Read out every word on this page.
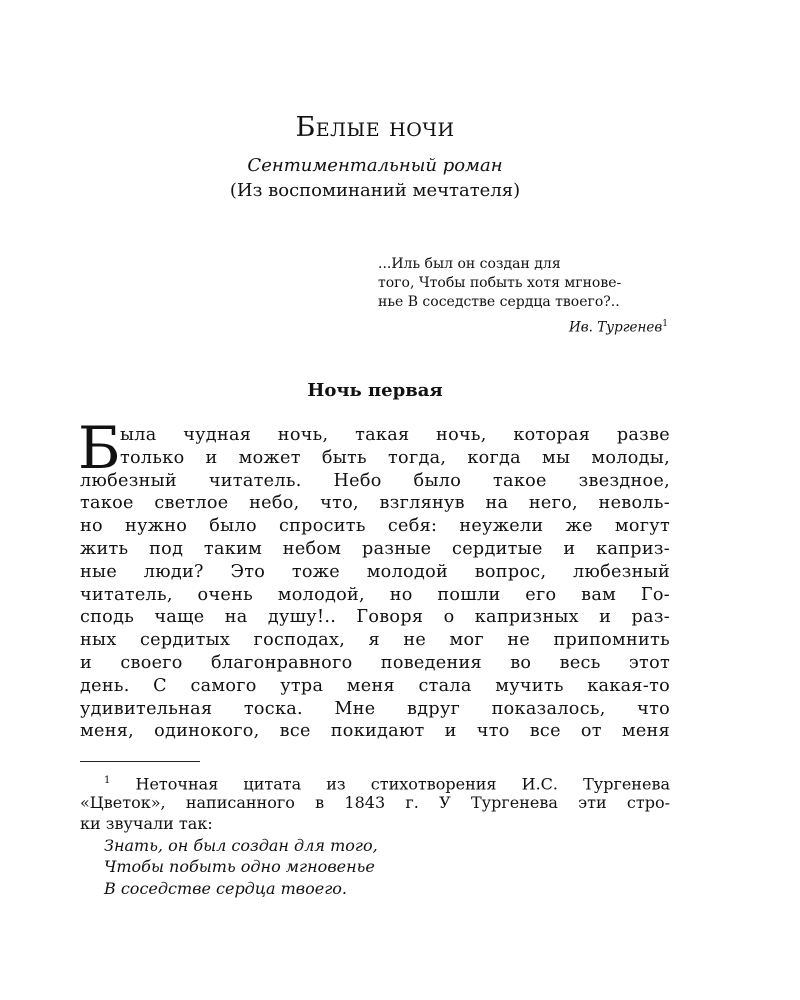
Белые ночи
Сентиментальный роман
(Из воспоминаний мечтателя)
...Иль был он создан для
того, Чтобы побыть хотя мгнове-
нье В соседстве сердца твоего?..
Ив. Тургенев$^1$
Ночь первая
Б ыла чудная ночь, такая ночь, которая разве
только и может быть тогда, когда мы молоды,
любезный читатель. Небо было такое звездное,
такое светлое небо, что, взглянув на него, неволь-
но нужно было спросить себя: неужели же могут
жить под таким небом разные сердитые и каприз-
ные люди? Это тоже молодой вопрос, любезный
читатель, очень молодой, но пошли его вам Го-
сподь чаще на душу!.. Говоря о капризных и раз-
ных сердитых господах, я не мог не припомнить
и своего благонравного поведения во весь этот
день. С самого утра меня стала мучить какая-то
удивительная тоска. Мне вдруг показалось, что
меня, одинокого, все покидают и что все от меня
$^1$ Неточная цитата из стихотворения И.С. Тургенева
«Цветок», написанного в 1843 г. У Тургенева эти стро-
ки звучали так:
Знать, он был создан для того,
Чтобы побыть одно мгновенье
В соседстве сердца твоего.
